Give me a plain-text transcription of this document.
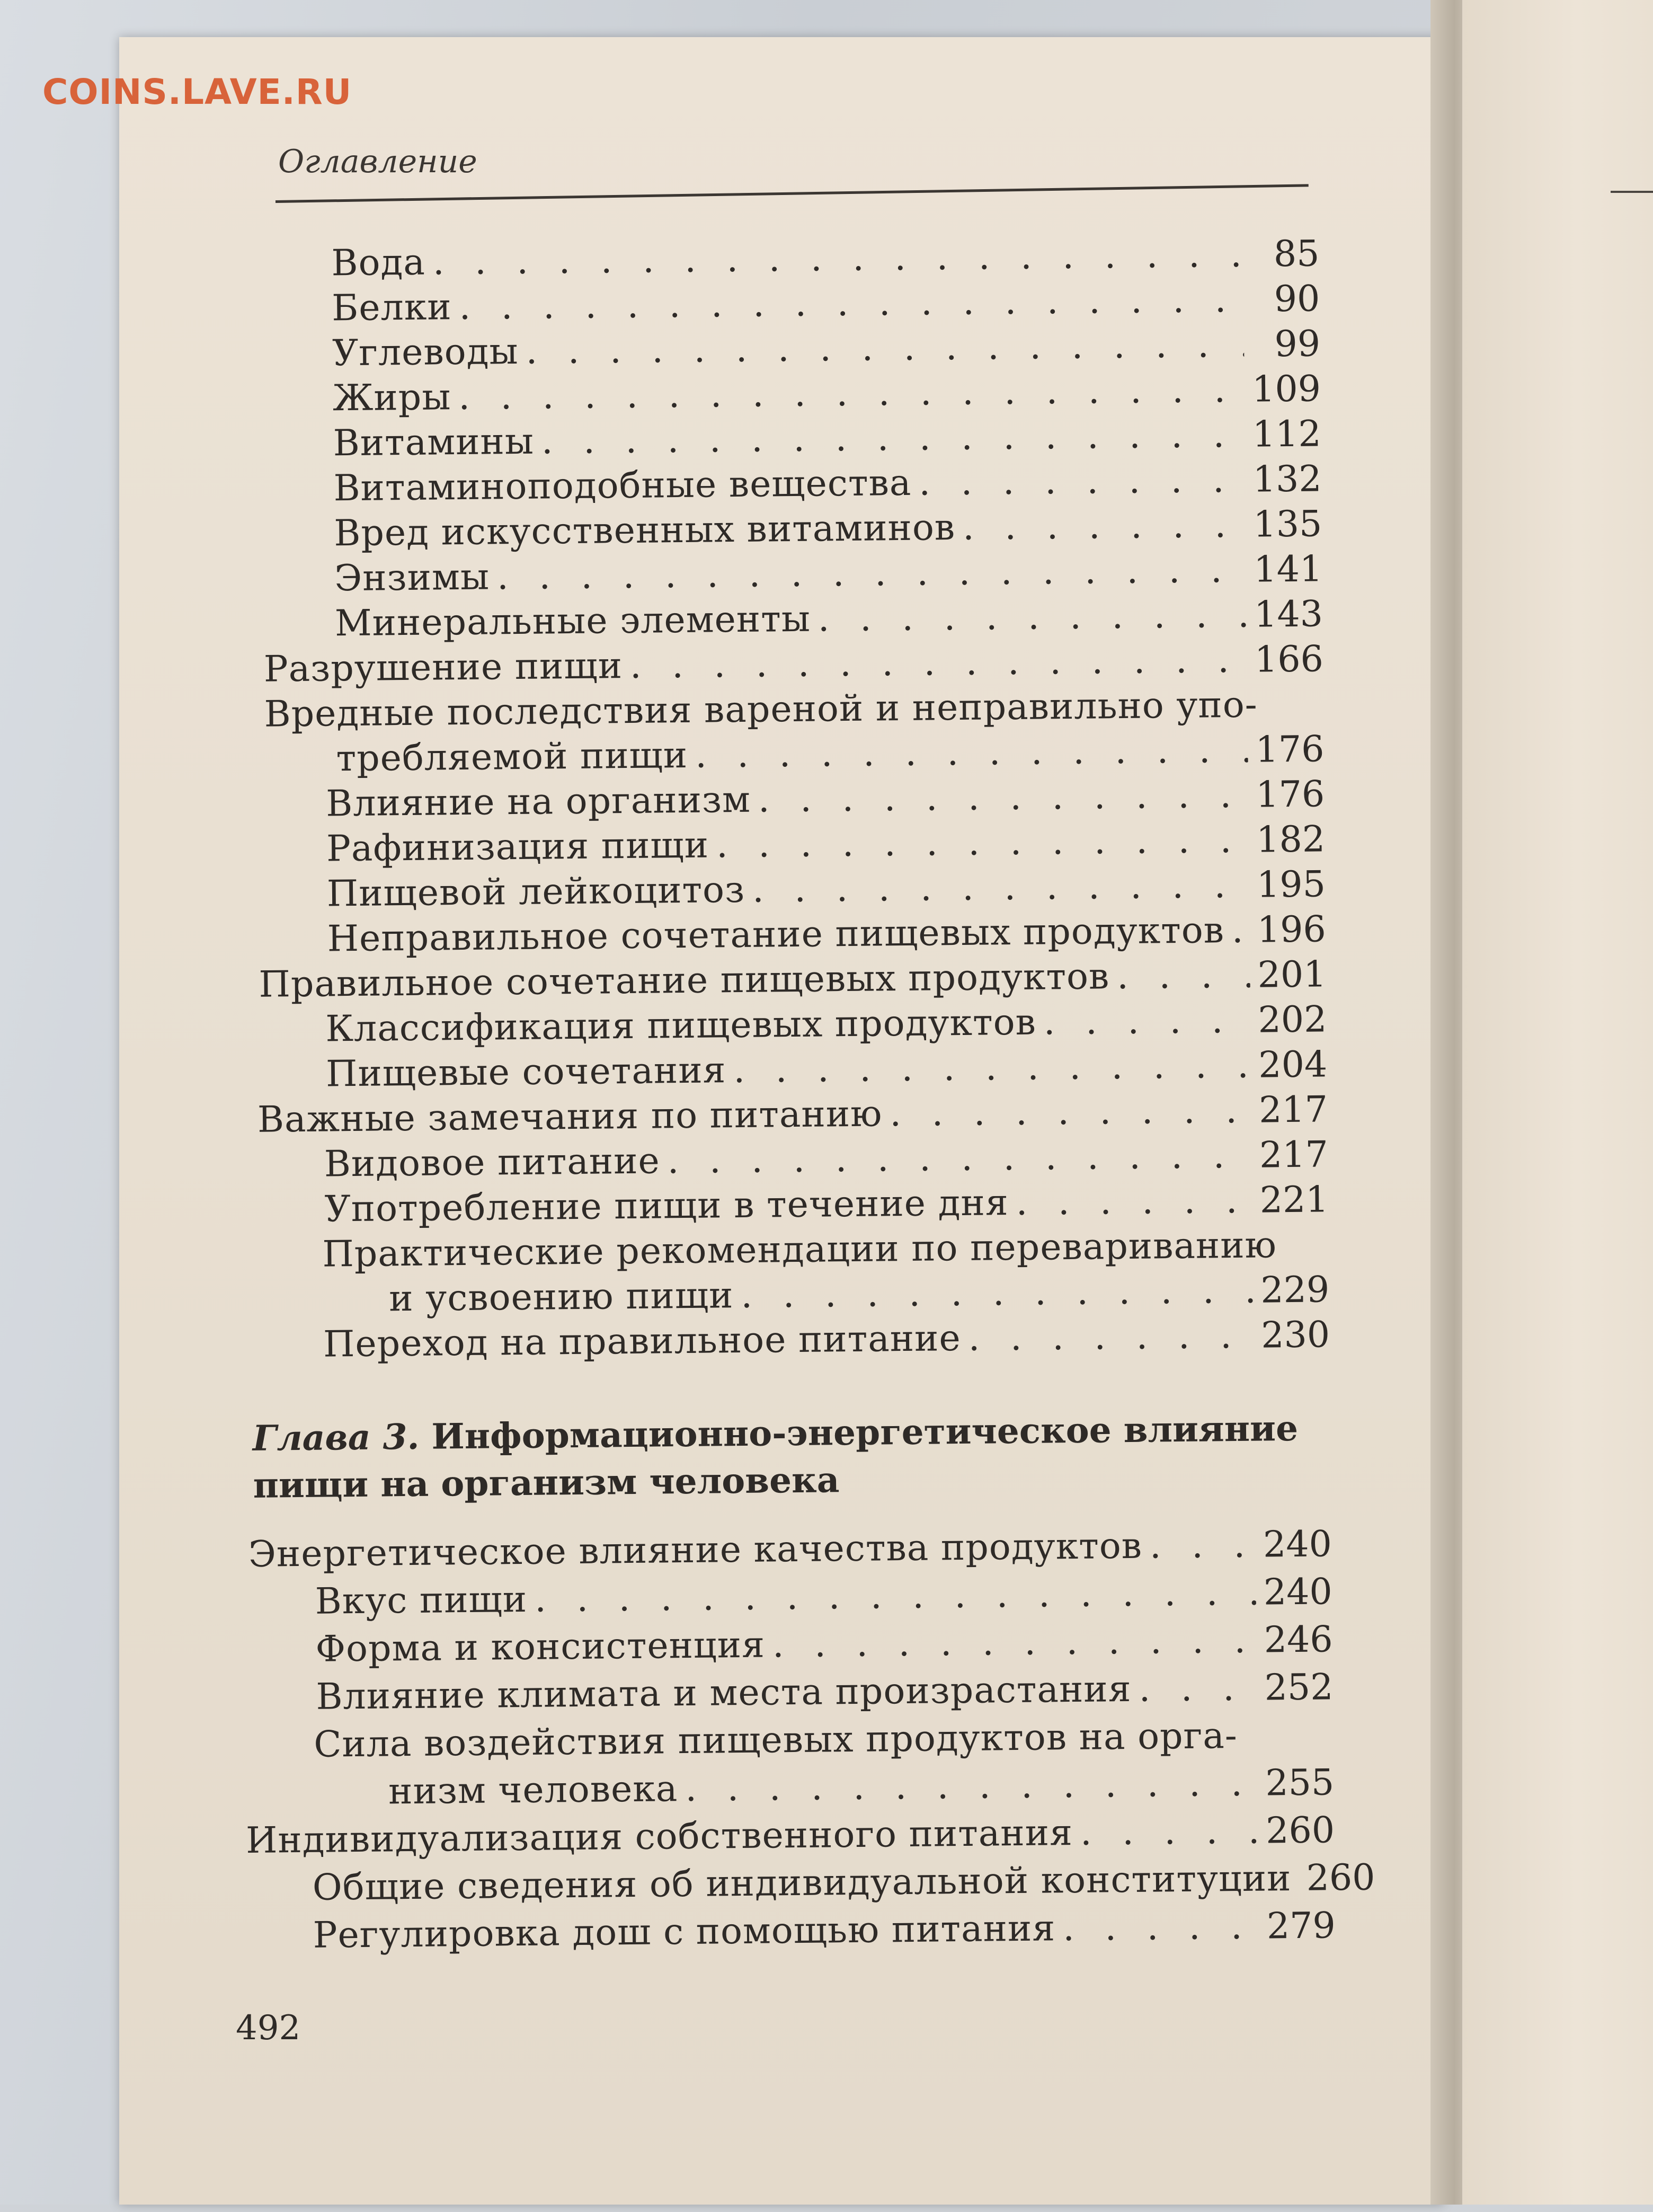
COINS.LAVE.RU
Оглавление
Вода . . .	85
Белки . . .	90
Углеводы . . .	99
Жиры . . .	109
Витамины . . .	112
Витаминоподобные вещества . . .	132
Вред искусственных витаминов . . .	135
Энзимы . . .	141
Минеральные элементы . . .	143
Разрушение пищи . . .	166
Вредные последствия вареной и неправильно упо-
требляемой пищи . . .	176
Влияние на организм . . .	176
Рафинизация пищи . . .	182
Пищевой лейкоцитоз . . .	195
Неправильное сочетание пищевых продуктов . . . 196
Правильное сочетание пищевых продуктов . . .	201
Классификация пищевых продуктов . . .	202
Пищевые сочетания . . .	204
Важные замечания по питанию . . .	217
Видовое питание . . .	217
Употребление пищи в течение дня . . .	221
Практические рекомендации по перевариванию
и усвоению пищи . . .	229
Переход на правильное питание . . .	230
Глава 3. Информационно-энергетическое влияние
пищи на организм человека
Энергетическое влияние качества продуктов . . .	240
Вкус пищи . . .	240
Форма и консистенция . . .	246
Влияние климата и места произрастания . . .	252
Сила воздействия пищевых продуктов на орга-
низм человека . . .	255
Индивидуализация собственного питания . . .	260
Общие сведения об индивидуальной конституции . . . 260
Регулировка дош с помощью питания . . .	279
492
